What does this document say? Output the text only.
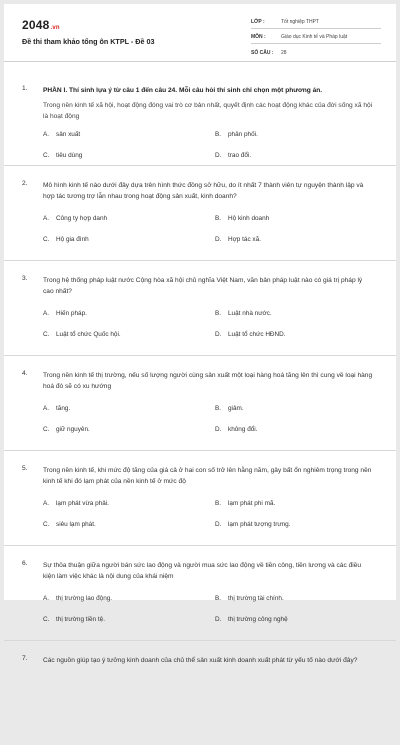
2048.vn
Đề thi tham khảo tổng ôn KTPL - Đề 03
LỚP :	Tốt nghiệp THPT
MÔN :	Giáo dục Kinh tế và Pháp luật
SỐ CÂU :	28
1. PHẦN I. Thí sinh lựa ý từ câu 1 đến câu 24. Mỗi câu hỏi thí sinh chỉ chọn một phương án.
Trong nền kinh tế xã hội, hoạt động đóng vai trò cơ bản nhất, quyết định các hoạt động khác của đời sống xã hội là hoạt động
A. sản xuất	B. phân phối.
C. tiêu dùng	D. trao đổi.
2. Mô hình kinh tế nào dưới đây dựa trên hình thức đồng sở hữu, do ít nhất 7 thành viên tự nguyện thành lập và hợp tác tương trợ lẫn nhau trong hoạt động sản xuất, kinh doanh?
A. Công ty hợp danh	B. Hộ kinh doanh
C. Hộ gia đình	D. Hợp tác xã.
3. Trong hệ thống pháp luật nước Cộng hòa xã hội chủ nghĩa Việt Nam, văn bản pháp luật nào có giá trị pháp lý cao nhất?
A. Hiến pháp.	B. Luật nhà nước.
C. Luật tổ chức Quốc hội.	D. Luật tổ chức HĐND.
4. Trong nền kinh tế thị trường, nếu số lượng người cùng sản xuất một loại hàng hoá tăng lên thì cung về loại hàng hoá đó sẽ có xu hướng
A. tăng.	B. giảm.
C. giữ nguyên.	D. không đổi.
5. Trong nền kinh tế, khi mức độ tăng của giá cả ở hai con số trở lên hằng năm, gây bất ổn nghiêm trọng trong nền kinh tế khi đó lạm phát của nền kinh tế ở mức độ
A. lạm phát vừa phải.	B. lạm phát phi mã.
C. siêu lạm phát.	D. lạm phát tượng trưng.
6. Sự thỏa thuận giữa người bán sức lao động và người mua sức lao động về tiền công, tiền lương và các điều kiện làm việc khác là nội dung của khái niệm
A. thị trường lao động.	B. thị trường tài chính.
C. thị trường tiền tệ.	D. thị trường công nghệ
7. Các nguồn giúp tạo ý tưởng kinh doanh của chủ thể sản xuất kinh doanh xuất phát từ yếu tố nào dưới đây?
